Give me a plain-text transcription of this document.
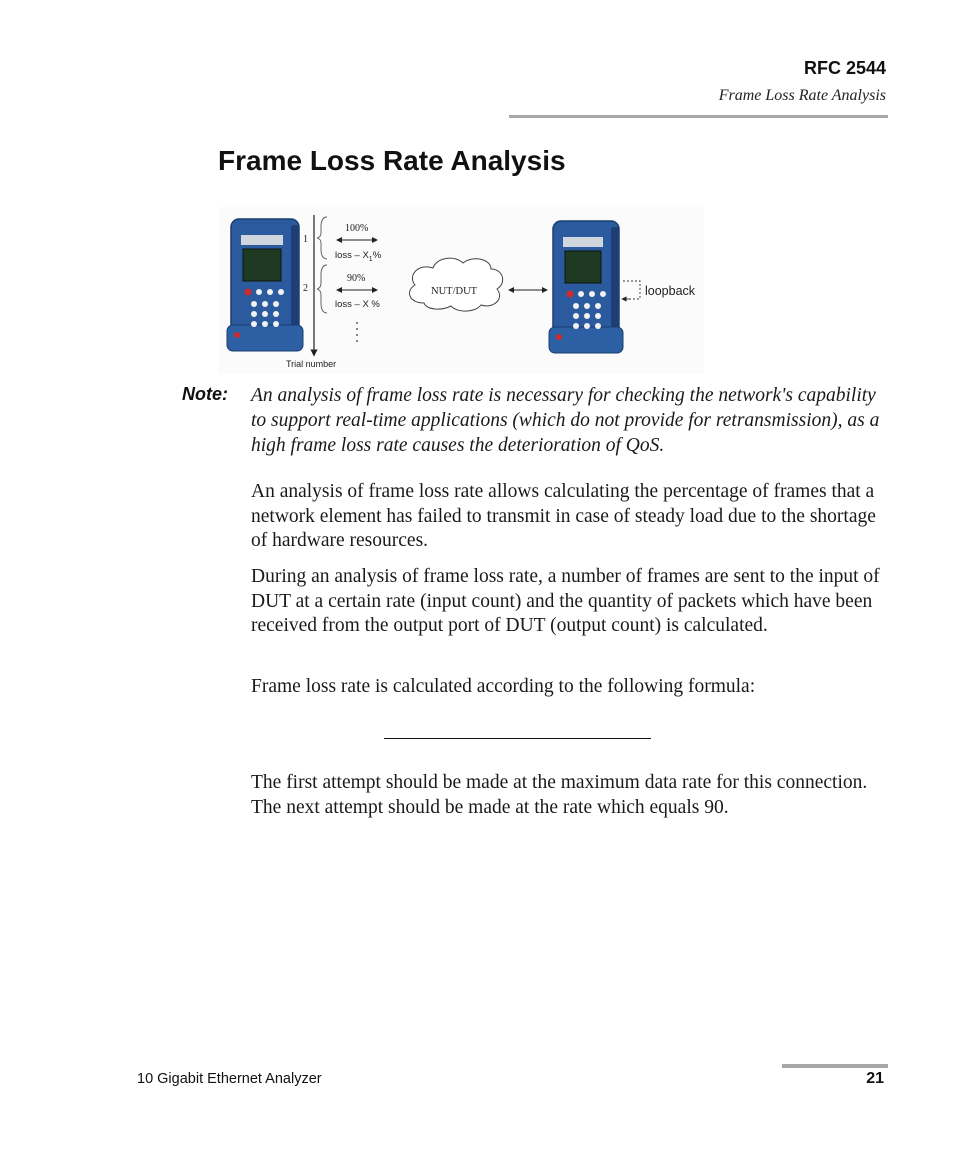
RFC 2544
Frame Loss Rate Analysis
Frame Loss Rate Analysis
1
2
100%
loss – $X_1\%$
90%
loss – X %
Trial number
NUT/DUT	loopback
Note: An analysis of frame loss rate is necessary for checking the network's capability to support real-time applications (which do not provide for retransmission), as a high frame loss rate causes the deterioration of QoS.

An analysis of frame loss rate allows calculating the percentage of frames that a network element has failed to transmit in case of steady load due to the shortage of hardware resources.

During an analysis of frame loss rate, a number of frames are sent to the input of DUT at a certain rate (input count) and the quantity of packets which have been received from the output port of DUT (output count) is calculated.

Frame loss rate is calculated according to the following formula:

The first attempt should be made at the maximum data rate for this connection. The next attempt should be made at the rate which equals 90.

10 Gigabit Ethernet Analyzer	21
